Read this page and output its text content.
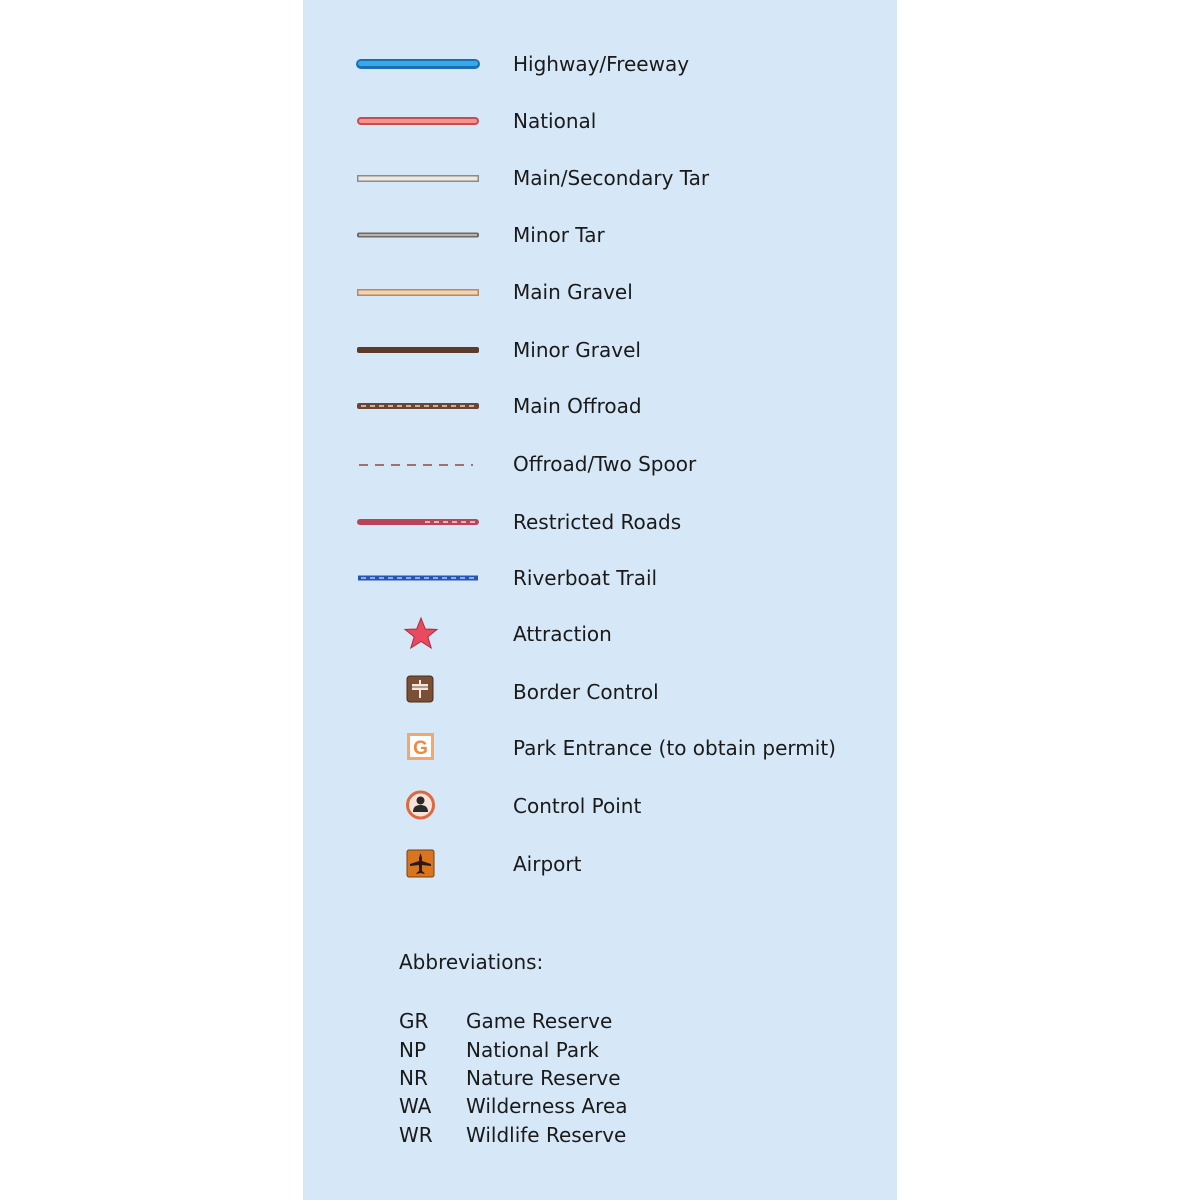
Highway/Freeway
National
Main/Secondary Tar
Minor Tar
Main Gravel
Minor Gravel
Main Offroad
Offroad/Two Spoor
Restricted Roads
Riverboat Trail
Attraction
Border Control
G	Park Entrance (to obtain permit)
Control Point
Airport
Abbreviations:
GR	Game Reserve
NP	National Park
NR	Nature Reserve
WA	Wilderness Area
WR	Wildlife Reserve
